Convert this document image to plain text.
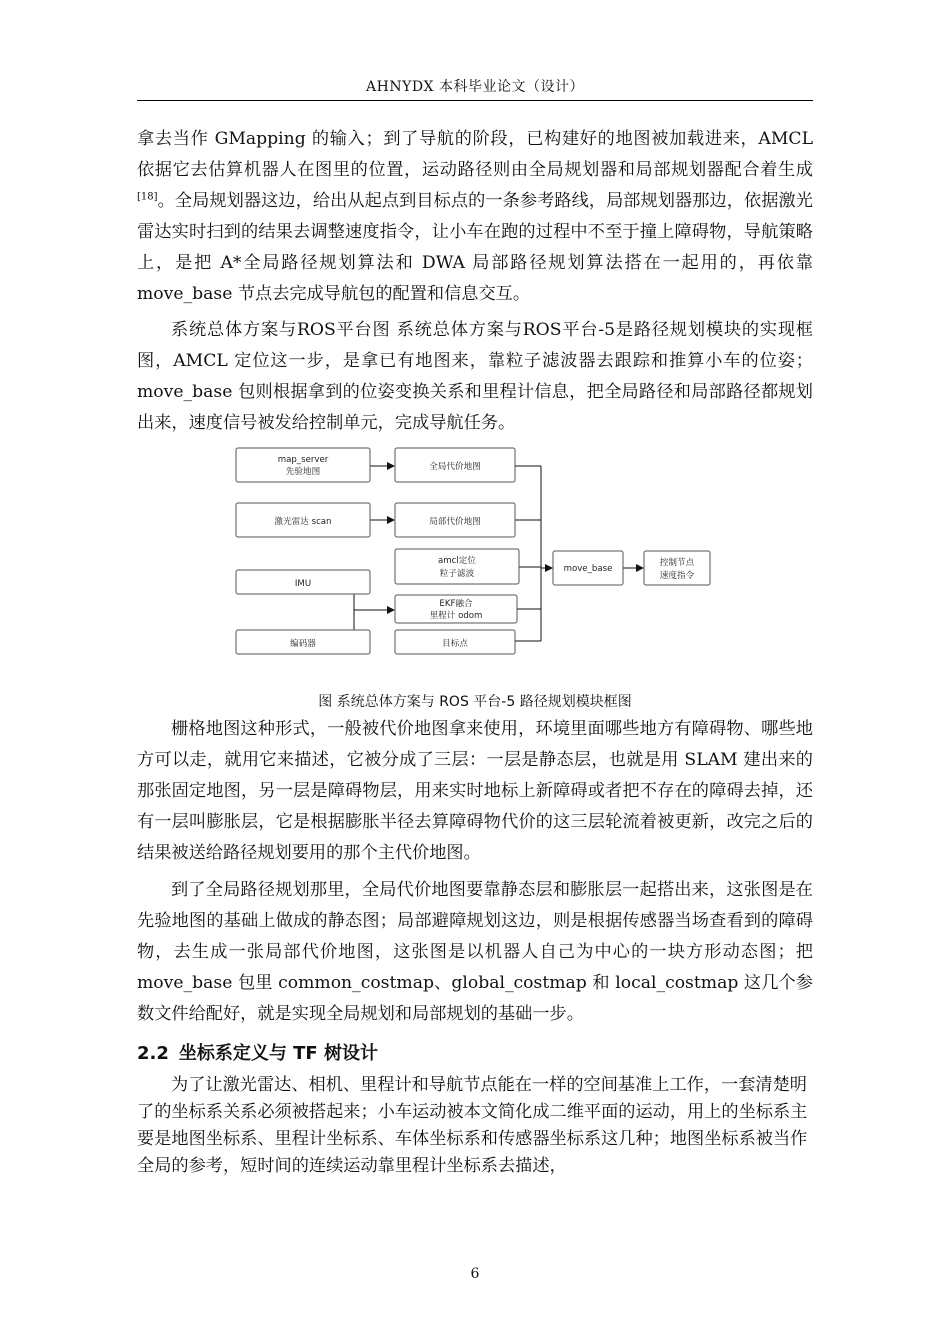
AHNYDX 本科毕业论文（设计）

拿去当作 GMapping 的输入；到了导航的阶段，已构建好的地图被加载进来，AMCL 依据它去估算机器人在图里的位置，运动路径则由全局规划器和局部规划器配合着生成[18]。全局规划器这边，给出从起点到目标点的一条参考路线，局部规划器那边，依据激光雷达实时扫到的结果去调整速度指令，让小车在跑的过程中不至于撞上障碍物，导航策略上，是把 A*全局路径规划算法和 DWA 局部路径规划算法搭在一起用的，再依靠 move_base 节点去完成导航包的配置和信息交互。

系统总体方案与ROS平台图 系统总体方案与ROS平台-5是路径规划模块的实现框图，AMCL 定位这一步，是拿已有地图来，靠粒子滤波器去跟踪和推算小车的位姿；move_base 包则根据拿到的位姿变换关系和里程计信息，把全局路径和局部路径都规划出来，速度信号被发给控制单元，完成导航任务。

map_server
先验地图
激光雷达 scan
IMU
编码器
全局代价地图
局部代价地图
amcl定位
粒子滤波
EKF融合
里程计 odom
目标点
move_base
控制节点
速度指令
图 系统总体方案与 ROS 平台-5 路径规划模块框图

栅格地图这种形式，一般被代价地图拿来使用，环境里面哪些地方有障碍物、哪些地方可以走，就用它来描述，它被分成了三层：一层是静态层，也就是用 SLAM 建出来的那张固定地图，另一层是障碍物层，用来实时地标上新障碍或者把不存在的障碍去掉，还有一层叫膨胀层，它是根据膨胀半径去算障碍物代价的这三层轮流着被更新，改完之后的结果被送给路径规划要用的那个主代价地图。

到了全局路径规划那里，全局代价地图要靠静态层和膨胀层一起搭出来，这张图是在先验地图的基础上做成的静态图；局部避障规划这边，则是根据传感器当场查看到的障碍物，去生成一张局部代价地图，这张图是以机器人自己为中心的一块方形动态图；把 move_base 包里 common_costmap、global_costmap 和 local_costmap 这几个参数文件给配好，就是实现全局规划和局部规划的基础一步。

2.2 坐标系定义与 TF 树设计

为了让激光雷达、相机、里程计和导航节点能在一样的空间基准上工作，一套清楚明了的坐标系关系必须被搭起来；小车运动被本文简化成二维平面的运动，用上的坐标系主要是地图坐标系、里程计坐标系、车体坐标系和传感器坐标系这几种；地图坐标系被当作全局的参考，短时间的连续运动靠里程计坐标系去描述，

6
